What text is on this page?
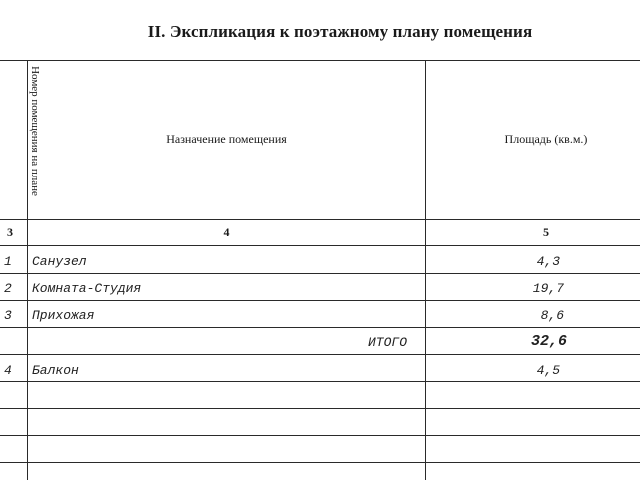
II. Экспликация к поэтажному плану помещения
Номер помещения на плане	Назначение помещения	Площадь (кв.м.)
3	4	5
1 Санузел	4,3
2 Комната-Студия	19,7
3 Прихожая	8,6
ИТОГО	32,6
4 Балкон	4,5
